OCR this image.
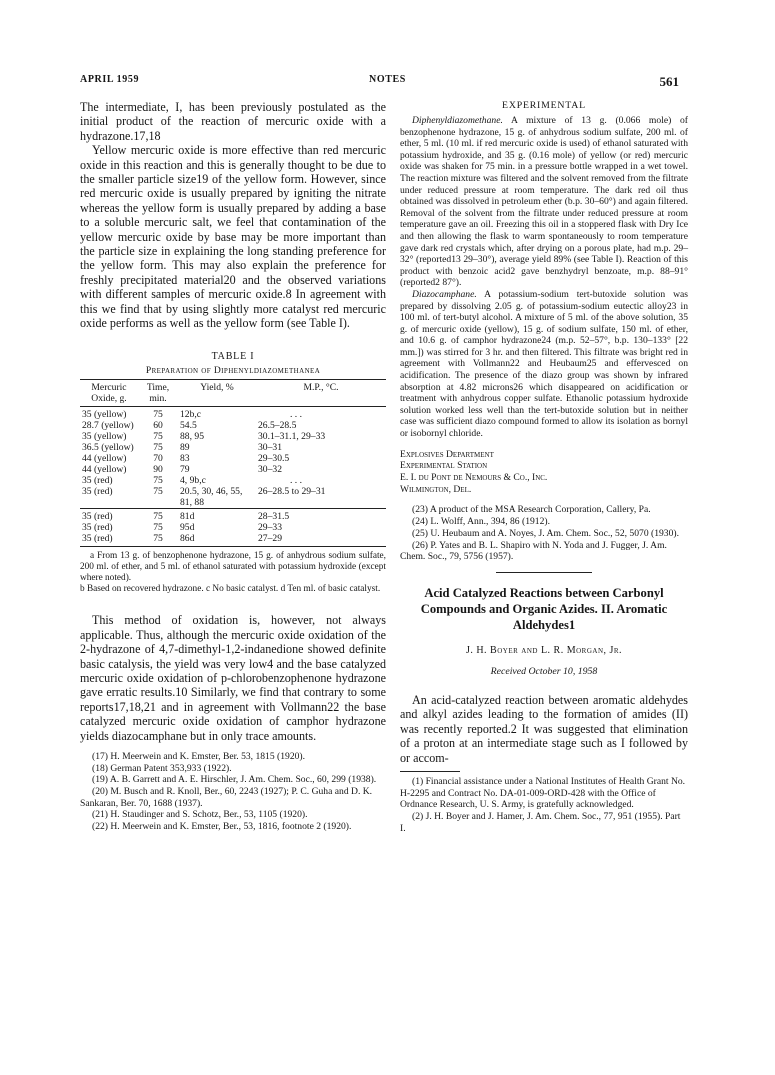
APRIL 1959	NOTES	561

The intermediate, I, has been previously postulated as the initial product of the reaction of mercuric oxide with a hydrazone.17,18

Yellow mercuric oxide is more effective than red mercuric oxide in this reaction and this is generally thought to be due to the smaller particle size19 of the yellow form. However, since red mercuric oxide is usually prepared by igniting the nitrate whereas the yellow form is usually prepared by adding a base to a soluble mercuric salt, we feel that contamination of the yellow mercuric oxide by base may be more important than the particle size in explaining the long standing preference for the yellow form. This may also explain the preference for freshly precipitated material20 and the observed variations with different samples of mercuric oxide.8 In agreement with this we find that by using slightly more catalyst red mercuric oxide performs as well as the yellow form (see Table I).

TABLE I
Preparation of Diphenyldiazomethanea
Mercuric Oxide, g.	Time, min.	Yield, %	M.P., °C.
35 (yellow)	75	12b,c	. . .
28.7 (yellow)	60	54.5	26.5–28.5
35 (yellow)	75	88, 95	30.1–31.1, 29–33
36.5 (yellow)	75	89	30–31
44 (yellow)	70	83	29–30.5
44 (yellow)	90	79	30–32
35 (red)	75	4, 9b,c	. . .
35 (red)	75	20.5, 30, 46, 55, 81, 88	26–28.5 to 29–31
35 (red)	75	81d	28–31.5
35 (red)	75	95d	29–33
35 (red)	75	86d	27–29

a From 13 g. of benzophenone hydrazone, 15 g. of anhydrous sodium sulfate, 200 ml. of ether, and 5 ml. of ethanol saturated with potassium hydroxide (except where noted).

b Based on recovered hydrazone. c No basic catalyst. d Ten ml. of basic catalyst.

This method of oxidation is, however, not always applicable. Thus, although the mercuric oxide oxidation of the 2-hydrazone of 4,7-dimethyl-1,2-indanedione showed definite basic catalysis, the yield was very low4 and the base catalyzed mercuric oxide oxidation of p-chlorobenzophenone hydrazone gave erratic results.10 Similarly, we find that contrary to some reports17,18,21 and in agreement with Vollmann22 the base catalyzed mercuric oxide oxidation of camphor hydrazone yields diazocamphane but in only trace amounts.

(17) H. Meerwein and K. Emster, Ber. 53, 1815 (1920).

(18) German Patent 353,933 (1922).

(19) A. B. Garrett and A. E. Hirschler, J. Am. Chem. Soc., 60, 299 (1938).

(20) M. Busch and R. Knoll, Ber., 60, 2243 (1927); P. C. Guha and D. K. Sankaran, Ber. 70, 1688 (1937).

(21) H. Staudinger and S. Schotz, Ber., 53, 1105 (1920).

(22) H. Meerwein and K. Emster, Ber., 53, 1816, footnote 2 (1920).

EXPERIMENTAL

Diphenyldiazomethane. A mixture of 13 g. (0.066 mole) of benzophenone hydrazone, 15 g. of anhydrous sodium sulfate, 200 ml. of ether, 5 ml. (10 ml. if red mercuric oxide is used) of ethanol saturated with potassium hydroxide, and 35 g. (0.16 mole) of yellow (or red) mercuric oxide was shaken for 75 min. in a pressure bottle wrapped in a wet towel. The reaction mixture was filtered and the solvent removed from the filtrate under reduced pressure at room temperature. The dark red oil thus obtained was dissolved in petroleum ether (b.p. 30–60°) and again filtered. Removal of the solvent from the filtrate under reduced pressure at room temperature gave an oil. Freezing this oil in a stoppered flask with Dry Ice and then allowing the flask to warm spontaneously to room temperature gave dark red crystals which, after drying on a porous plate, had m.p. 29–32° (reported13 29–30°), average yield 89% (see Table I). Reaction of this product with benzoic acid2 gave benzhydryl benzoate, m.p. 88–91° (reported2 87°).

Diazocamphane. A potassium-sodium tert-butoxide solution was prepared by dissolving 2.05 g. of potassium-sodium eutectic alloy23 in 100 ml. of tert-butyl alcohol. A mixture of 5 ml. of the above solution, 35 g. of mercuric oxide (yellow), 15 g. of sodium sulfate, 150 ml. of ether, and 10.6 g. of camphor hydrazone24 (m.p. 52–57°, b.p. 130–133° [22 mm.]) was stirred for 3 hr. and then filtered. This filtrate was bright red in agreement with Vollmann22 and Heubaum25 and effervesced on acidification. The presence of the diazo group was shown by infrared absorption at 4.82 microns26 which disappeared on acidification or treatment with anhydrous copper sulfate. Ethanolic potassium hydroxide solution worked less well than the tert-butoxide solution but in neither case was sufficient diazo compound formed to allow its isolation as bornyl or isobornyl chloride.

Explosives Department

Experimental Station

E. I. du Pont de Nemours & Co., Inc.

Wilmington, Del.

(23) A product of the MSA Research Corporation, Callery, Pa.

(24) L. Wolff, Ann., 394, 86 (1912).

(25) U. Heubaum and A. Noyes, J. Am. Chem. Soc., 52, 5070 (1930).

(26) P. Yates and B. L. Shapiro with N. Yoda and J. Fugger, J. Am. Chem. Soc., 79, 5756 (1957).

Acid Catalyzed Reactions between Carbonyl Compounds and Organic Azides. II. Aromatic Aldehydes1

J. H. Boyer and L. R. Morgan, Jr.
Received October 10, 1958

An acid-catalyzed reaction between aromatic aldehydes and alkyl azides leading to the formation of amides (II) was recently reported.2 It was suggested that elimination of a proton at an intermediate stage such as I followed by or accom-

(1) Financial assistance under a National Institutes of Health Grant No. H-2295 and Contract No. DA-01-009-ORD-428 with the Office of Ordnance Research, U. S. Army, is gratefully acknowledged.

(2) J. H. Boyer and J. Hamer, J. Am. Chem. Soc., 77, 951 (1955). Part I.
